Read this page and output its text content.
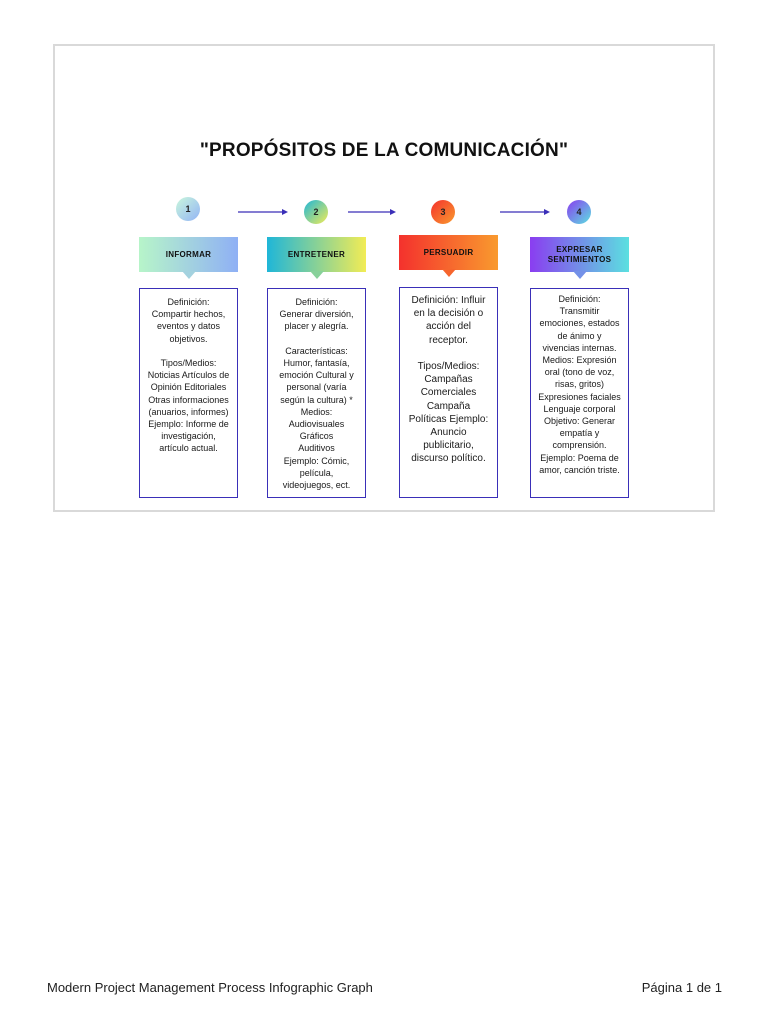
"PROPÓSITOS DE LA COMUNICACIÓN"
1	2	3	4
INFORMAR	ENTRETENER	PERSUADIR	EXPRESAR SENTIMIENTOS
Definición:
Compartir hechos, eventos y datos objetivos.

Tipos/Medios:
Noticias Artículos de Opinión Editoriales Otras informaciones (anuarios, informes)
Ejemplo: Informe de investigación, artículo actual.
Definición:
Generar diversión, placer y alegría.

Características:
Humor, fantasía, emoción Cultural y personal (varía según la cultura) *
Medios:
Audiovisuales
Gráficos
Auditivos
Ejemplo: Cómic, película, videojuegos, ect.
Definición: Influir en la decisión o acción del receptor.

Tipos/Medios:
Campañas Comerciales Campaña Políticas Ejemplo: Anuncio publicitario, discurso político.
Definición:
Transmitir emociones, estados de ánimo y vivencias internas.
Medios: Expresión oral (tono de voz, risas, gritos)
Expresiones faciales Lenguaje corporal Objetivo: Generar empatía y comprensión.
Ejemplo: Poema de amor, canción triste.
Modern Project Management Process Infographic Graph	Página 1 de 1
